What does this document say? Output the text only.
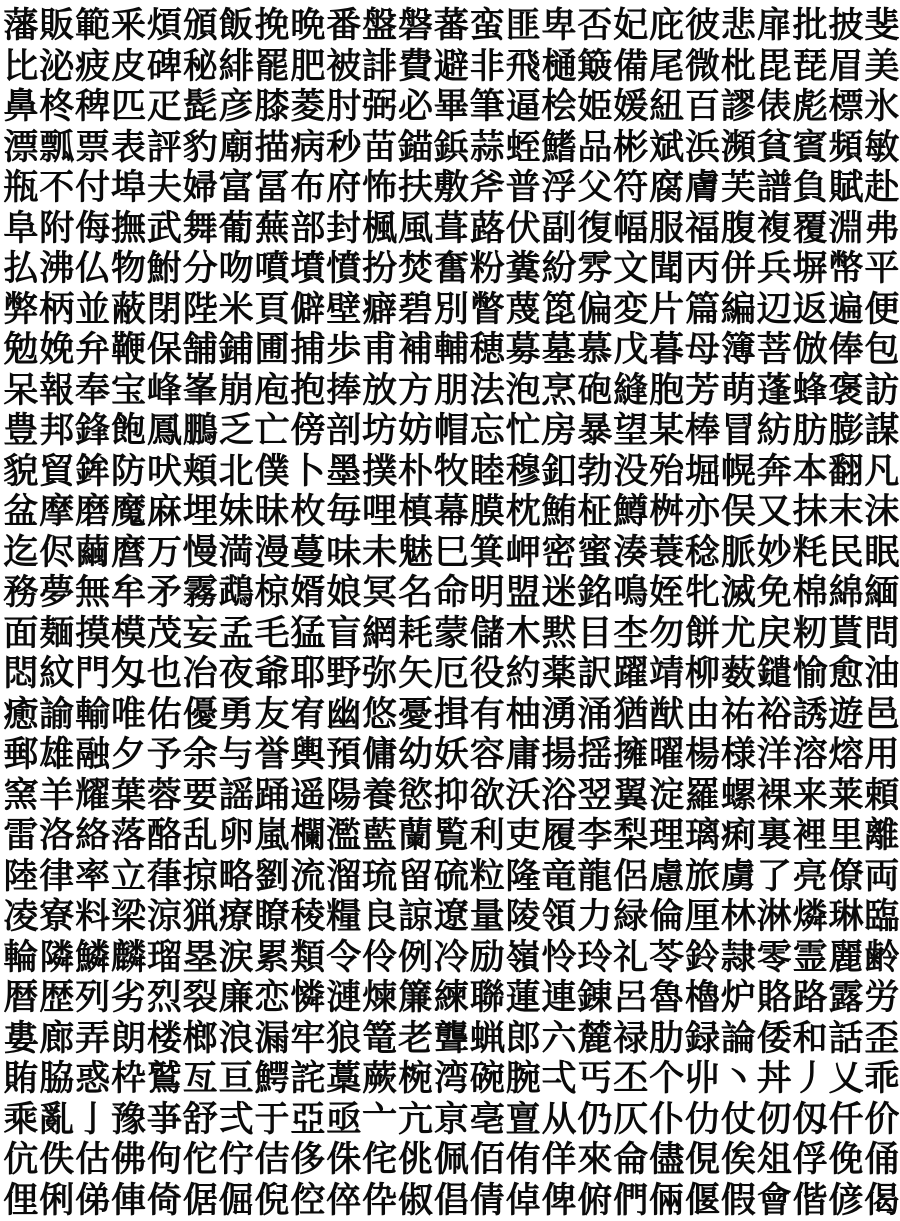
藩 販 範 釆 煩 頒 飯 挽 晩 番 盤 磐 蕃 蛮 匪 卑 否 妃 庇 彼 悲 扉 批 披 斐
比 泌 疲 皮 碑 秘 緋 罷 肥 被 誹 費 避 非 飛 樋 簸 備 尾 微 枇 毘 琵 眉 美
鼻 柊 稗 匹 疋 髭 彦 膝 菱 肘 弼 必 畢 筆 逼 桧 姫 媛 紐 百 謬 俵 彪 標 氷
漂 瓢 票 表 評 豹 廟 描 病 秒 苗 錨 鋲 蒜 蛭 鰭 品 彬 斌 浜 瀕 貧 賓 頻 敏
瓶 不 付 埠 夫 婦 富 冨 布 府 怖 扶 敷 斧 普 浮 父 符 腐 膚 芙 譜 負 賦 赴
阜 附 侮 撫 武 舞 葡 蕪 部 封 楓 風 葺 蕗 伏 副 復 幅 服 福 腹 複 覆 淵 弗
払 沸 仏 物 鮒 分 吻 噴 墳 憤 扮 焚 奮 粉 糞 紛 雰 文 聞 丙 併 兵 塀 幣 平
弊 柄 並 蔽 閉 陛 米 頁 僻 壁 癖 碧 別 瞥 蔑 箆 偏 変 片 篇 編 辺 返 遍 便
勉 娩 弁 鞭 保 舗 鋪 圃 捕 歩 甫 補 輔 穂 募 墓 慕 戊 暮 母 簿 菩 倣 俸 包
呆 報 奉 宝 峰 峯 崩 庖 抱 捧 放 方 朋 法 泡 烹 砲 縫 胞 芳 萌 蓬 蜂 褒 訪
豊 邦 鋒 飽 鳳 鵬 乏 亡 傍 剖 坊 妨 帽 忘 忙 房 暴 望 某 棒 冒 紡 肪 膨 謀
貌 貿 鉾 防 吠 頬 北 僕 卜 墨 撲 朴 牧 睦 穆 釦 勃 没 殆 堀 幌 奔 本 翻 凡
盆 摩 磨 魔 麻 埋 妹 昧 枚 毎 哩 槙 幕 膜 枕 鮪 柾 鱒 桝 亦 俣 又 抹 末 沫
迄 侭 繭 麿 万 慢 満 漫 蔓 味 未 魅 巳 箕 岬 密 蜜 湊 蓑 稔 脈 妙 粍 民 眠
務 夢 無 牟 矛 霧 鵡 椋 婿 娘 冥 名 命 明 盟 迷 銘 鳴 姪 牝 滅 免 棉 綿 緬
面 麺 摸 模 茂 妄 孟 毛 猛 盲 網 耗 蒙 儲 木 黙 目 杢 勿 餅 尤 戻 籾 貰 問
悶 紋 門 匁 也 冶 夜 爺 耶 野 弥 矢 厄 役 約 薬 訳 躍 靖 柳 薮 鑓 愉 愈 油
癒 諭 輸 唯 佑 優 勇 友 宥 幽 悠 憂 揖 有 柚 湧 涌 猶 猷 由 祐 裕 誘 遊 邑
郵 雄 融 夕 予 余 与 誉 輿 預 傭 幼 妖 容 庸 揚 揺 擁 曜 楊 様 洋 溶 熔 用
窯 羊 耀 葉 蓉 要 謡 踊 遥 陽 養 慾 抑 欲 沃 浴 翌 翼 淀 羅 螺 裸 来 莱 頼
雷 洛 絡 落 酪 乱 卵 嵐 欄 濫 藍 蘭 覧 利 吏 履 李 梨 理 璃 痢 裏 裡 里 離
陸 律 率 立 葎 掠 略 劉 流 溜 琉 留 硫 粒 隆 竜 龍 侶 慮 旅 虜 了 亮 僚 両
凌 寮 料 梁 涼 猟 療 瞭 稜 糧 良 諒 遼 量 陵 領 力 緑 倫 厘 林 淋 燐 琳 臨
輪 隣 鱗 麟 瑠 塁 涙 累 類 令 伶 例 冷 励 嶺 怜 玲 礼 苓 鈴 隷 零 霊 麗 齢
暦 歴 列 劣 烈 裂 廉 恋 憐 漣 煉 簾 練 聯 蓮 連 錬 呂 魯 櫓 炉 賂 路 露 労
婁 廊 弄 朗 楼 榔 浪 漏 牢 狼 篭 老 聾 蝋 郎 六 麓 禄 肋 録 論 倭 和 話 歪
賄 脇 惑 枠 鷲 亙 亘 鰐 詫 藁 蕨 椀 湾 碗 腕 弌 丐 丕 个 丱 丶 丼 丿 乂 乖
乘 亂 亅 豫 亊 舒 弍 于 亞 亟 亠 亢 亰 亳 亶 从 仍 仄 仆 仂 仗 仞 仭 仟 价
伉 佚 估 佛 佝 佗 佇 佶 侈 侏 侘 佻 佩 佰 侑 佯 來 侖 儘 俔 俟 俎 俘 俛 俑
俚 俐 俤 俥 倚 倨 倔 倪 倥 倅 伜 俶 倡 倩 倬 俾 俯 們 倆 偃 假 會 偕 偐 偈
